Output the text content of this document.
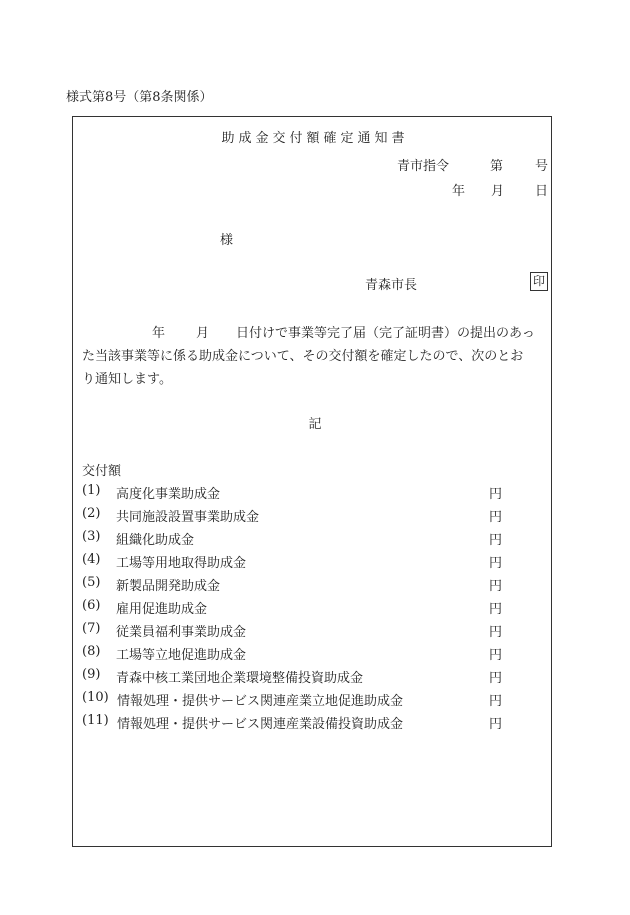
様式第8号（第8条関係）
助成金交付額確定通知書
青市指令	第 号
年 月 日
様
青森市長	印
年 月 日付けで事業等完了届（完了証明書）の提出のあっ
た当該事業等に係る助成金について、その交付額を確定したので、次のとお
り通知します。
記
交付額
(1) 高度化事業助成金	円
(2) 共同施設設置事業助成金	円
(3) 組織化助成金	円
(4) 工場等用地取得助成金	円
(5) 新製品開発助成金	円
(6) 雇用促進助成金	円
(7) 従業員福利事業助成金	円
(8) 工場等立地促進助成金	円
(9) 青森中核工業団地企業環境整備投資助成金	円
(10) 情報処理・提供サービス関連産業立地促進助成金	円
(11) 情報処理・提供サービス関連産業設備投資助成金	円
